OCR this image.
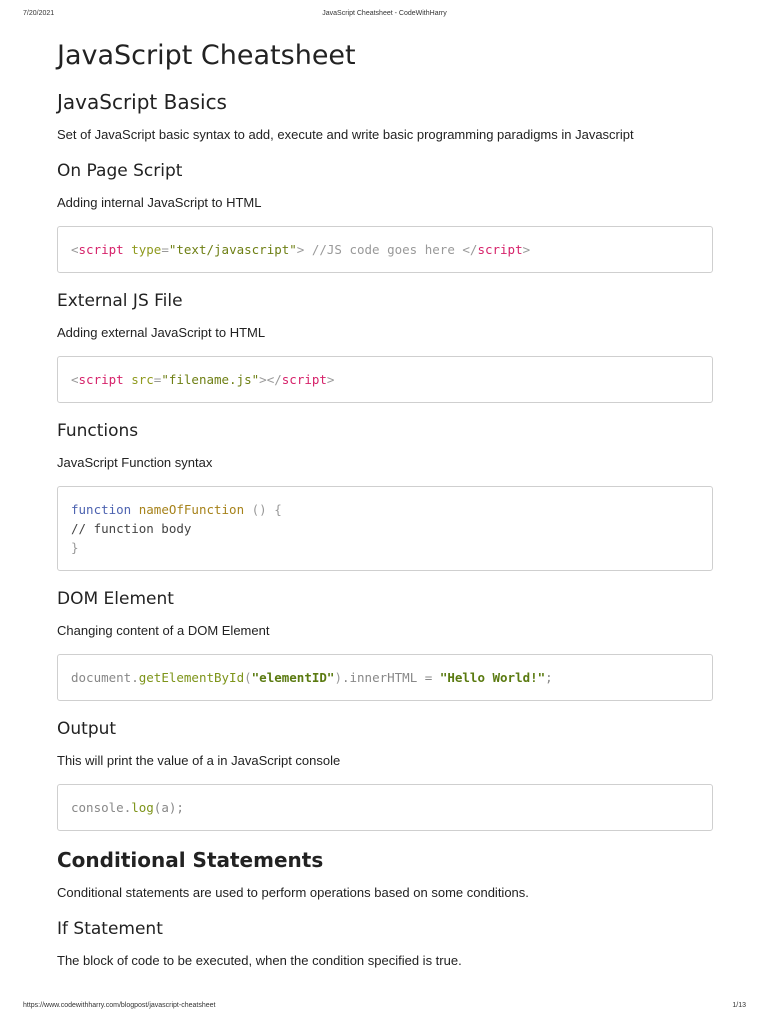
7/20/2021	JavaScript Cheatsheet - CodeWithHarry
JavaScript Cheatsheet
JavaScript Basics

Set of JavaScript basic syntax to add, execute and write basic programming paradigms in Javascript

On Page Script

Adding internal JavaScript to HTML

<script type="text/javascript"> //JS code goes here </script>
External JS File

Adding external JavaScript to HTML

<script src="filename.js"></script>
Functions

JavaScript Function syntax

function nameOfFunction () {
// function body
}
DOM Element

Changing content of a DOM Element

document.getElementById("elementID").innerHTML = "Hello World!";
Output

This will print the value of a in JavaScript console

console.log(a);
Conditional Statements

Conditional statements are used to perform operations based on some conditions.

If Statement

The block of code to be executed, when the condition specified is true.

https://www.codewithharry.com/blogpost/javascript-cheatsheet	1/13
